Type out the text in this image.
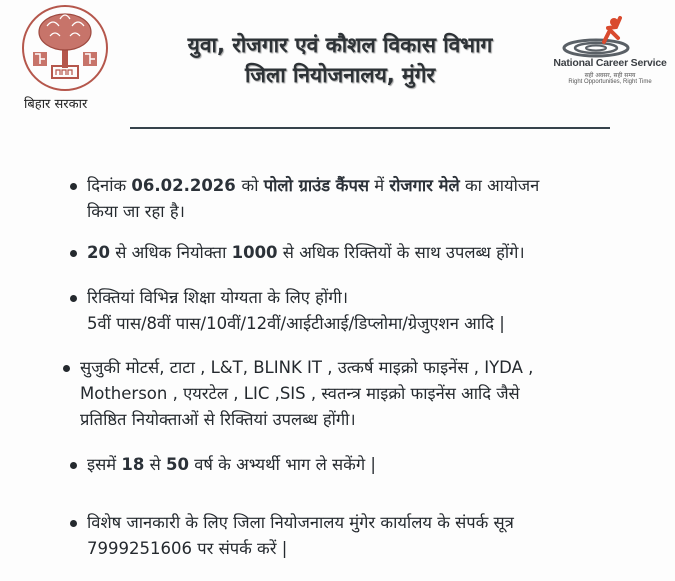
बिहार सरकार
युवा, रोजगार एवं कौशल विकास विभाग
जिला नियोजनालय, मुंगेर	National Career Service
सही अवसर, सही समय
Right Opportunities, Right Time
दिनांक 06.02.2026 को पोलो ग्राउंड कैंपस में रोजगार मेले का आयोजन
किया जा रहा है।
20 से अधिक नियोक्ता 1000 से अधिक रिक्तियों के साथ उपलब्ध होंगे।
रिक्तियां विभिन्न शिक्षा योग्यता के लिए होंगी।
5वीं पास/8वीं पास/10वीं/12वीं/आईटीआई/डिप्लोमा/ग्रेजुएशन आदि |
सुजुकी मोटर्स, टाटा , L&T, BLINK IT , उत्कर्ष माइक्रो फाइनेंस , IYDA ,
Motherson , एयरटेल , LIC ,SIS , स्वतन्त्र माइक्रो फाइनेंस आदि जैसे
प्रतिष्ठित नियोक्ताओं से रिक्तियां उपलब्ध होंगी।
इसमें 18 से 50 वर्ष के अभ्यर्थी भाग ले सकेंगे |
विशेष जानकारी के लिए जिला नियोजनालय मुंगेर कार्यालय के संपर्क सूत्र
7999251606 पर संपर्क करें |
